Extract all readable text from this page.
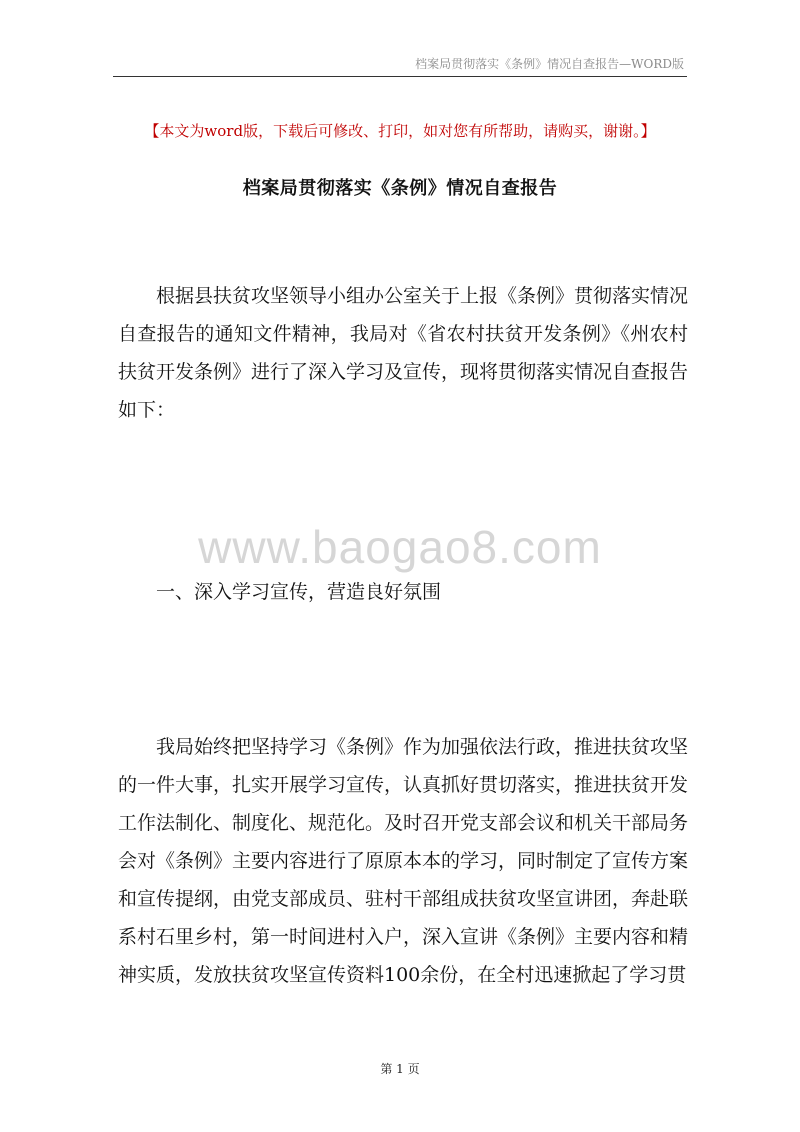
档案局贯彻落实《条例》情况自查报告—WORD版
【本文为word版，下载后可修改、打印，如对您有所帮助，请购买，谢谢。】
档案局贯彻落实《条例》情况自查报告

根据县扶贫攻坚领导小组办公室关于上报《条例》贯彻落实情况自查报告的通知文件精神，我局对《省农村扶贫开发条例》《州农村扶贫开发条例》进行了深入学习及宣传，现将贯彻落实情况自查报告如下：

www.baogao8.com
一、深入学习宣传，营造良好氛围

我局始终把坚持学习《条例》作为加强依法行政，推进扶贫攻坚的一件大事，扎实开展学习宣传，认真抓好贯切落实，推进扶贫开发工作法制化、制度化、规范化。及时召开党支部会议和机关干部局务会对《条例》主要内容进行了原原本本的学习，同时制定了宣传方案和宣传提纲，由党支部成员、驻村干部组成扶贫攻坚宣讲团，奔赴联系村石里乡村，第一时间进村入户，深入宣讲《条例》主要内容和精神实质，发放扶贫攻坚宣传资料100余份，在全村迅速掀起了学习贯

第 1 页
